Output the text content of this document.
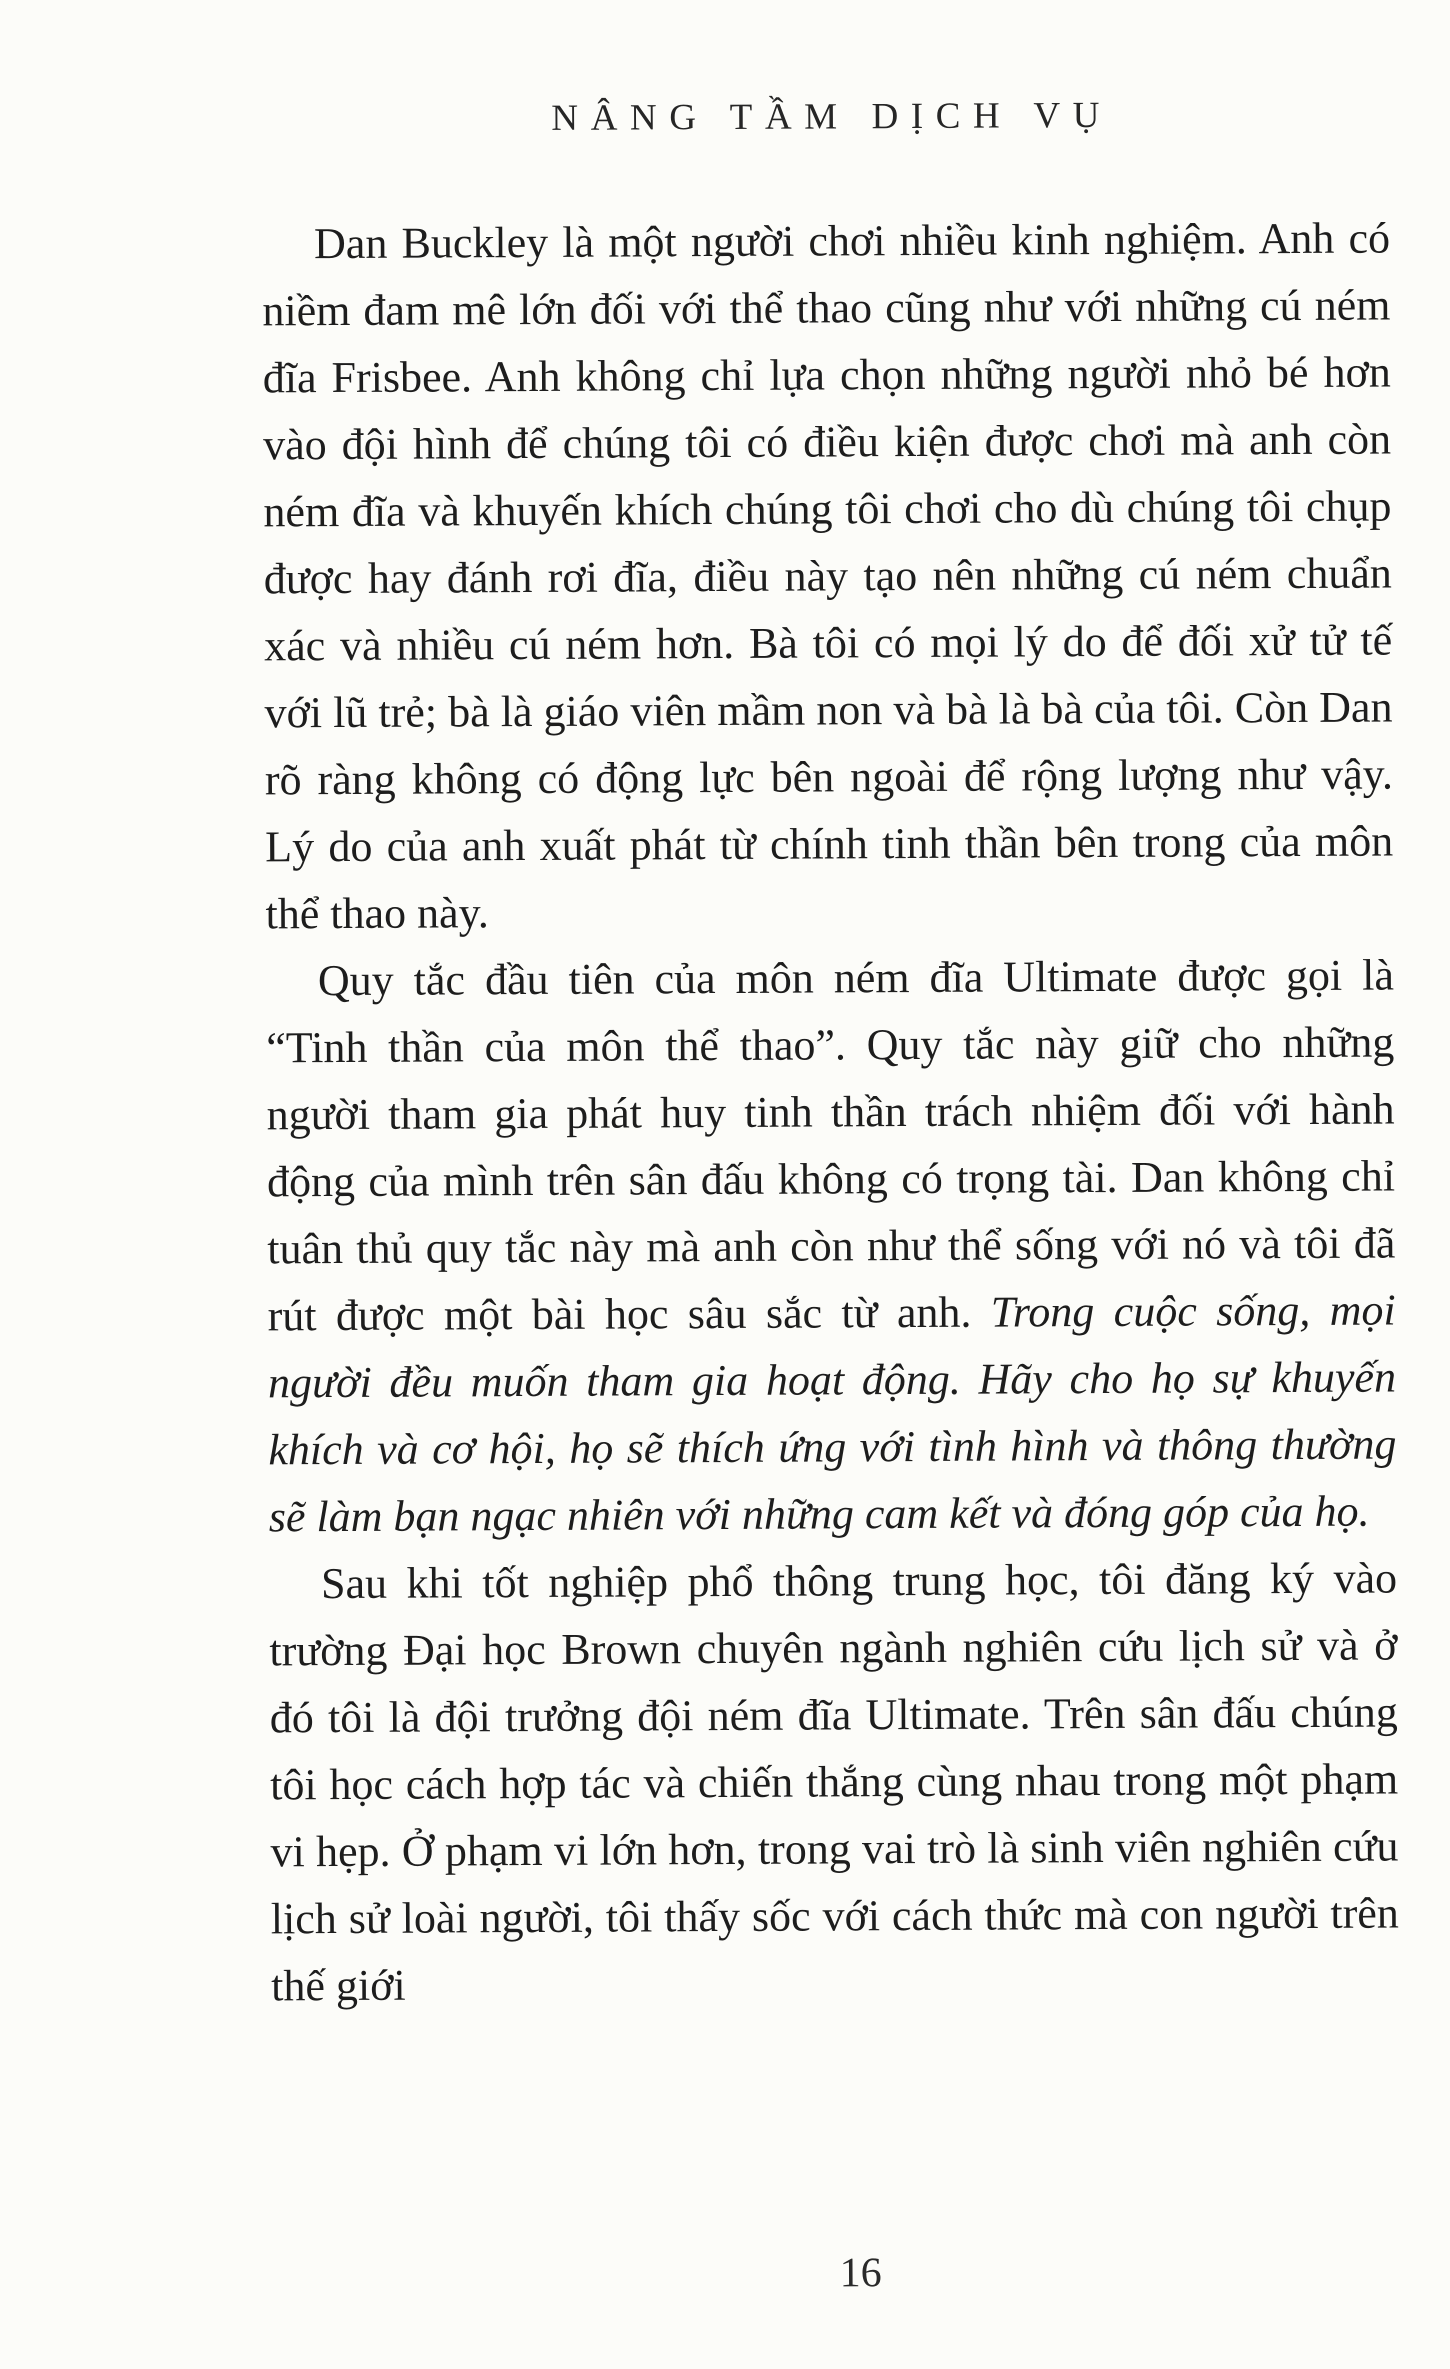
NÂNG TẦM DỊCH VỤ

Dan Buckley là một người chơi nhiều kinh nghiệm. Anh có niềm đam mê lớn đối với thể thao cũng như với những cú ném đĩa Frisbee. Anh không chỉ lựa chọn những người nhỏ bé hơn vào đội hình để chúng tôi có điều kiện được chơi mà anh còn ném đĩa và khuyến khích chúng tôi chơi cho dù chúng tôi chụp được hay đánh rơi đĩa, điều này tạo nên những cú ném chuẩn xác và nhiều cú ném hơn. Bà tôi có mọi lý do để đối xử tử tế với lũ trẻ; bà là giáo viên mầm non và bà là bà của tôi. Còn Dan rõ ràng không có động lực bên ngoài để rộng lượng như vậy. Lý do của anh xuất phát từ chính tinh thần bên trong của môn thể thao này.

Quy tắc đầu tiên của môn ném đĩa Ultimate được gọi là “Tinh thần của môn thể thao”. Quy tắc này giữ cho những người tham gia phát huy tinh thần trách nhiệm đối với hành động của mình trên sân đấu không có trọng tài. Dan không chỉ tuân thủ quy tắc này mà anh còn như thể sống với nó và tôi đã rút được một bài học sâu sắc từ anh. Trong cuộc sống, mọi người đều muốn tham gia hoạt động. Hãy cho họ sự khuyến khích và cơ hội, họ sẽ thích ứng với tình hình và thông thường sẽ làm bạn ngạc nhiên với những cam kết và đóng góp của họ.

Sau khi tốt nghiệp phổ thông trung học, tôi đăng ký vào trường Đại học Brown chuyên ngành nghiên cứu lịch sử và ở đó tôi là đội trưởng đội ném đĩa Ultimate. Trên sân đấu chúng tôi học cách hợp tác và chiến thắng cùng nhau trong một phạm vi hẹp. Ở phạm vi lớn hơn, trong vai trò là sinh viên nghiên cứu lịch sử loài người, tôi thấy sốc với cách thức mà con người trên thế giới

16
